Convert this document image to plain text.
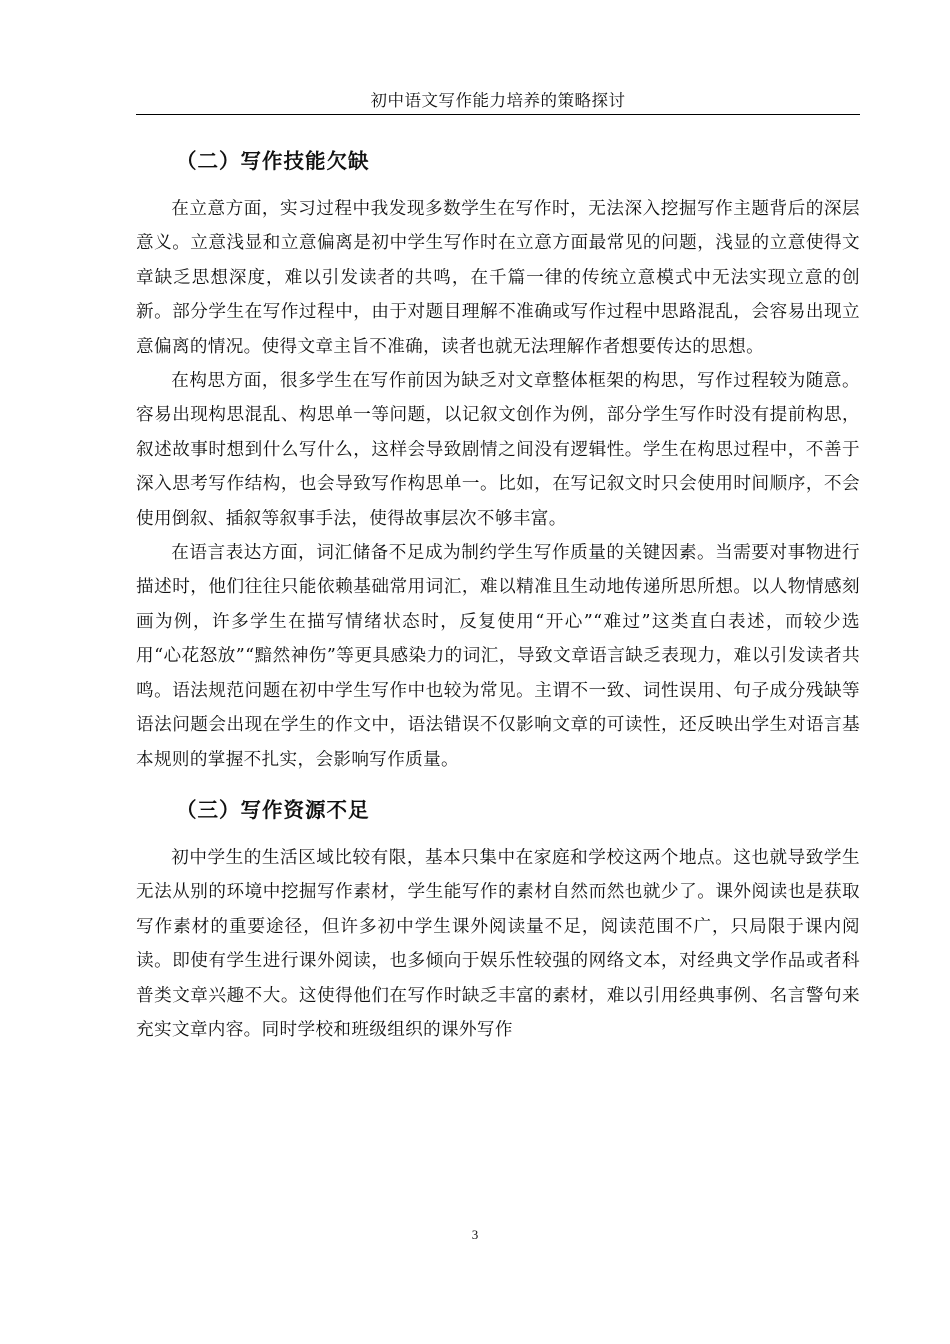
初中语文写作能力培养的策略探讨
（二）写作技能欠缺

在立意方面，实习过程中我发现多数学生在写作时，无法深入挖掘写作主题背后的深层意义。立意浅显和立意偏离是初中学生写作时在立意方面最常见的问题，浅显的立意使得文章缺乏思想深度，难以引发读者的共鸣，在千篇一律的传统立意模式中无法实现立意的创新。部分学生在写作过程中，由于对题目理解不准确或写作过程中思路混乱，会容易出现立意偏离的情况。使得文章主旨不准确，读者也就无法理解作者想要传达的思想。

在构思方面，很多学生在写作前因为缺乏对文章整体框架的构思，写作过程较为随意。容易出现构思混乱、构思单一等问题，以记叙文创作为例，部分学生写作时没有提前构思，叙述故事时想到什么写什么，这样会导致剧情之间没有逻辑性。学生在构思过程中，不善于深入思考写作结构，也会导致写作构思单一。比如，在写记叙文时只会使用时间顺序，不会使用倒叙、插叙等叙事手法，使得故事层次不够丰富。

在语言表达方面，词汇储备不足成为制约学生写作质量的关键因素。当需要对事物进行描述时，他们往往只能依赖基础常用词汇，难以精准且生动地传递所思所想。以人物情感刻画为例，许多学生在描写情绪状态时，反复使用“开心”“难过”这类直白表述，而较少选用“心花怒放”“黯然神伤”等更具感染力的词汇，导致文章语言缺乏表现力，难以引发读者共鸣。语法规范问题在初中学生写作中也较为常见。主谓不一致、词性误用、句子成分残缺等语法问题会出现在学生的作文中，语法错误不仅影响文章的可读性，还反映出学生对语言基本规则的掌握不扎实，会影响写作质量。

（三）写作资源不足

初中学生的生活区域比较有限，基本只集中在家庭和学校这两个地点。这也就导致学生无法从别的环境中挖掘写作素材，学生能写作的素材自然而然也就少了。课外阅读也是获取写作素材的重要途径，但许多初中学生课外阅读量不足，阅读范围不广，只局限于课内阅读。即使有学生进行课外阅读，也多倾向于娱乐性较强的网络文本，对经典文学作品或者科普类文章兴趣不大。这使得他们在写作时缺乏丰富的素材，难以引用经典事例、名言警句来充实文章内容。同时学校和班级组织的课外写作

3
